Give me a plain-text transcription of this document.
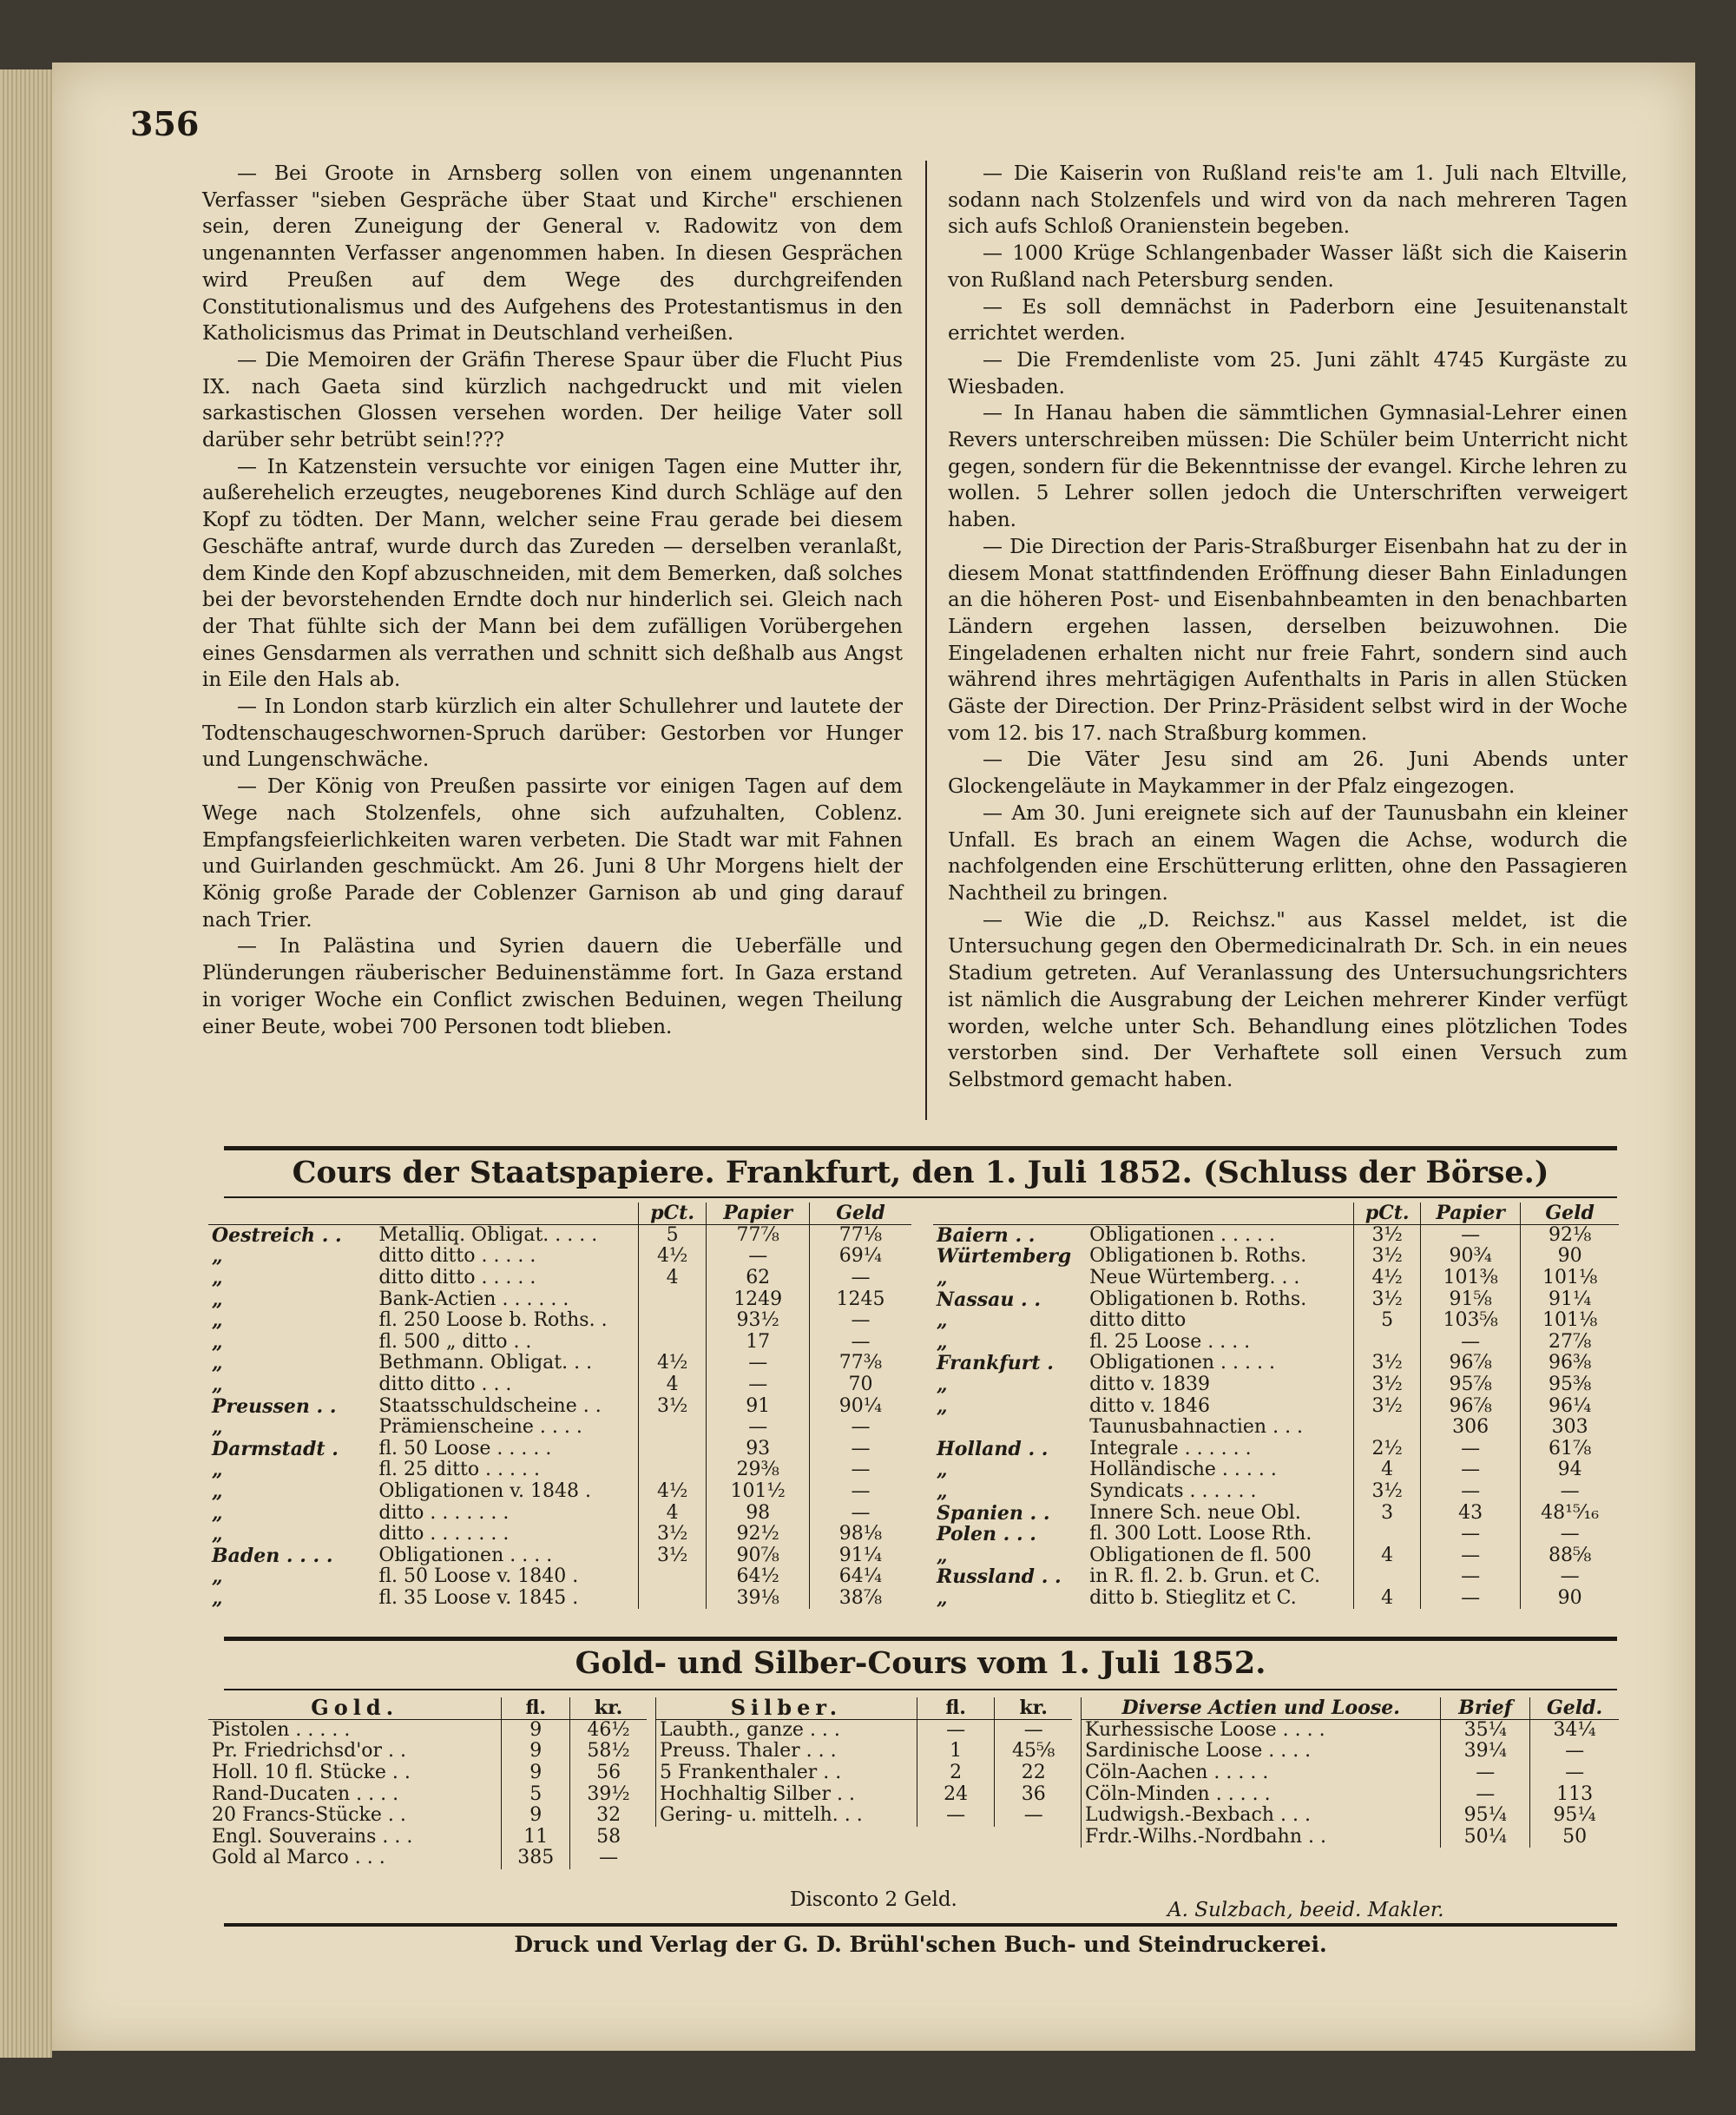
356

— Bei Groote in Arnsberg sollen von einem ungenannten Verfasser "sieben Gespräche über Staat und Kirche" erschienen sein, deren Zuneigung der General v. Radowitz von dem ungenannten Verfasser angenommen haben. In diesen Gesprächen wird Preußen auf dem Wege des durchgreifenden Constitutionalismus und des Aufgehens des Protestantismus in den Katholicismus das Primat in Deutschland verheißen.

— Die Memoiren der Gräfin Therese Spaur über die Flucht Pius IX. nach Gaeta sind kürzlich nachgedruckt und mit vielen sarkastischen Glossen versehen worden. Der heilige Vater soll darüber sehr betrübt sein!???

— In Katzenstein versuchte vor einigen Tagen eine Mutter ihr, außerehelich erzeugtes, neugeborenes Kind durch Schläge auf den Kopf zu tödten. Der Mann, welcher seine Frau gerade bei diesem Geschäfte antraf, wurde durch das Zureden — derselben veranlaßt, dem Kinde den Kopf abzuschneiden, mit dem Bemerken, daß solches bei der bevorstehenden Erndte doch nur hinderlich sei. Gleich nach der That fühlte sich der Mann bei dem zufälligen Vorübergehen eines Gensdarmen als verrathen und schnitt sich deßhalb aus Angst in Eile den Hals ab.

— In London starb kürzlich ein alter Schullehrer und lautete der Todtenschaugeschwornen-Spruch darüber: Gestorben vor Hunger und Lungenschwäche.

— Der König von Preußen passirte vor einigen Tagen auf dem Wege nach Stolzenfels, ohne sich aufzuhalten, Coblenz. Empfangsfeierlichkeiten waren verbeten. Die Stadt war mit Fahnen und Guirlanden geschmückt. Am 26. Juni 8 Uhr Morgens hielt der König große Parade der Coblenzer Garnison ab und ging darauf nach Trier.

— In Palästina und Syrien dauern die Ueberfälle und Plünderungen räuberischer Beduinenstämme fort. In Gaza erstand in voriger Woche ein Conflict zwischen Beduinen, wegen Theilung einer Beute, wobei 700 Personen todt blieben.

— Die Kaiserin von Rußland reis'te am 1. Juli nach Eltville, sodann nach Stolzenfels und wird von da nach mehreren Tagen sich aufs Schloß Oranienstein begeben.

— 1000 Krüge Schlangenbader Wasser läßt sich die Kaiserin von Rußland nach Petersburg senden.

— Es soll demnächst in Paderborn eine Jesuitenanstalt errichtet werden.

— Die Fremdenliste vom 25. Juni zählt 4745 Kurgäste zu Wiesbaden.

— In Hanau haben die sämmtlichen Gymnasial-Lehrer einen Revers unterschreiben müssen: Die Schüler beim Unterricht nicht gegen, sondern für die Bekenntnisse der evangel. Kirche lehren zu wollen. 5 Lehrer sollen jedoch die Unterschriften verweigert haben.

— Die Direction der Paris-Straßburger Eisenbahn hat zu der in diesem Monat stattfindenden Eröffnung dieser Bahn Einladungen an die höheren Post- und Eisenbahnbeamten in den benachbarten Ländern ergehen lassen, derselben beizuwohnen. Die Eingeladenen erhalten nicht nur freie Fahrt, sondern sind auch während ihres mehrtägigen Aufenthalts in Paris in allen Stücken Gäste der Direction. Der Prinz-Präsident selbst wird in der Woche vom 12. bis 17. nach Straßburg kommen.

— Die Väter Jesu sind am 26. Juni Abends unter Glockengeläute in Maykammer in der Pfalz eingezogen.

— Am 30. Juni ereignete sich auf der Taunusbahn ein kleiner Unfall. Es brach an einem Wagen die Achse, wodurch die nachfolgenden eine Erschütterung erlitten, ohne den Passagieren Nachtheil zu bringen.

— Wie die „D. Reichsz." aus Kassel meldet, ist die Untersuchung gegen den Obermedicinalrath Dr. Sch. in ein neues Stadium getreten. Auf Veranlassung des Untersuchungsrichters ist nämlich die Ausgrabung der Leichen mehrerer Kinder verfügt worden, welche unter Sch. Behandlung eines plötzlichen Todes verstorben sind. Der Verhaftete soll einen Versuch zum Selbstmord gemacht haben.

Cours der Staatspapiere. Frankfurt, den 1. Juli 1852. (Schluss der Börse.)
		pCt.	Papier	Geld
Oestreich . .	Metalliq. Obligat. . . . .	5	77⅞	77⅛
„	ditto ditto . . . . .	4½	—	69¼
„	ditto ditto . . . . .	4	62	—
„	Bank-Actien . . . . . .		1249	1245
„	fl. 250 Loose b. Roths. .		93½	—
„	fl. 500 „ ditto . .		17	—
„	Bethmann. Obligat. . .	4½	—	77⅜
„	ditto ditto . . .	4	—	70
Preussen . .	Staatsschuldscheine . .	3½	91	90¼
„	Prämienscheine . . . .		—	—
Darmstadt .	fl. 50 Loose . . . . .		93	—
„	fl. 25 ditto . . . . .		29⅜	—
„	Obligationen v. 1848 .	4½	101½	—
„	ditto . . . . . . .	4	98	—
„	ditto . . . . . . .	3½	92½	98⅛
Baden . . . .	Obligationen . . . .	3½	90⅞	91¼
„	fl. 50 Loose v. 1840 .		64½	64¼
„	fl. 35 Loose v. 1845 .		39⅛	38⅞
		pCt.	Papier	Geld
Baiern . .	Obligationen . . . . .	3½	—	92⅛
Würtemberg	Obligationen b. Roths.	3½	90¾	90
„	Neue Würtemberg. . .	4½	101⅜	101⅛
Nassau . .	Obligationen b. Roths.	3½	91⅝	91¼
„	ditto ditto	5	103⅝	101⅛
„	fl. 25 Loose . . . .		—	27⅞
Frankfurt .	Obligationen . . . . .	3½	96⅞	96⅜
„	ditto v. 1839	3½	95⅞	95⅜
„	ditto v. 1846	3½	96⅞	96¼
	Taunusbahnactien . . .		306	303
Holland . .	Integrale . . . . . .	2½	—	61⅞
„	Holländische . . . . .	4	—	94
„	Syndicats . . . . . .	3½	—	—
Spanien . .	Innere Sch. neue Obl.	3	43	48¹⁵⁄₁₆
Polen . . .	fl. 300 Lott. Loose Rth.		—	—
„	Obligationen de fl. 500	4	—	88⅝
Russland . .	in R. fl. 2. b. Grun. et C.		—	—
„	ditto b. Stieglitz et C.	4	—	90
Gold- und Silber-Cours vom 1. Juli 1852.
Gold.	fl.	kr.
Pistolen . . . . .	9	46½
Pr. Friedrichsd'or . .	9	58½
Holl. 10 fl. Stücke . .	9	56
Rand-Ducaten . . . .	5	39½
20 Francs-Stücke . .	9	32
Engl. Souverains . . .	11	58
Gold al Marco . . .	385	—
Silber.	fl.	kr.
Laubth., ganze . . .	—	—
Preuss. Thaler . . .	1	45⅝
5 Frankenthaler . .	2	22
Hochhaltig Silber . .	24	36
Gering- u. mittelh. . .	—	—
Diverse Actien und Loose.	Brief	Geld.
Kurhessische Loose . . . .	35¼	34¼
Sardinische Loose . . . .	39¼	—
Cöln-Aachen . . . . .	—	—
Cöln-Minden . . . . .	—	113
Ludwigsh.-Bexbach . . .	95¼	95¼
Frdr.-Wilhs.-Nordbahn . .	50¼	50
Disconto 2 Geld.	A. Sulzbach, beeid. Makler.
Druck und Verlag der G. D. Brühl'schen Buch- und Steindruckerei.
